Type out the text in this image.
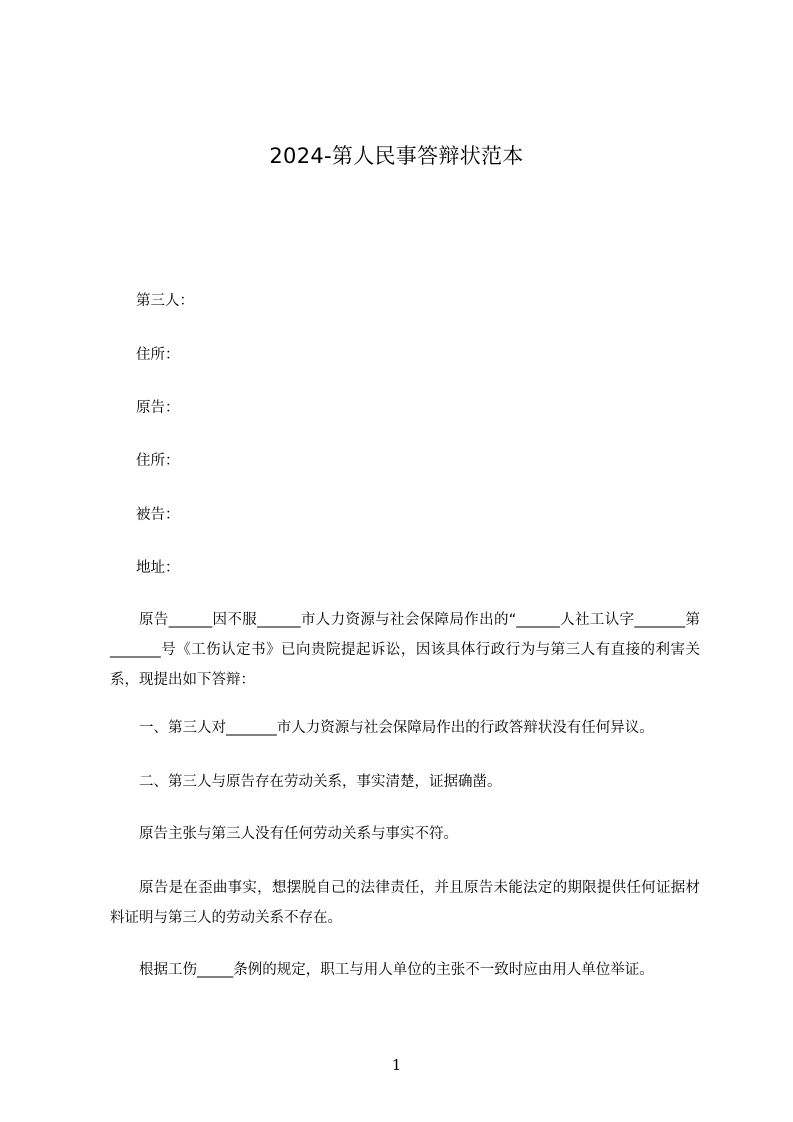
2024-第人民事答辩状范本
第三人：
住所：
原告：
住所：
被告：
地址：
原告______因不服______市人力资源与社会保障局作出的“______人社工认字_______第_______号《工伤认定书》已向贵院提起诉讼，因该具体行政行为与第三人有直接的利害关系，现提出如下答辩：
一、第三人对_______市人力资源与社会保障局作出的行政答辩状没有任何异议。
二、第三人与原告存在劳动关系，事实清楚，证据确凿。
原告主张与第三人没有任何劳动关系与事实不符。
原告是在歪曲事实，想摆脱自己的法律责任，并且原告未能法定的期限提供任何证据材料证明与第三人的劳动关系不存在。
根据工伤_____条例的规定，职工与用人单位的主张不一致时应由用人单位举证。
1
